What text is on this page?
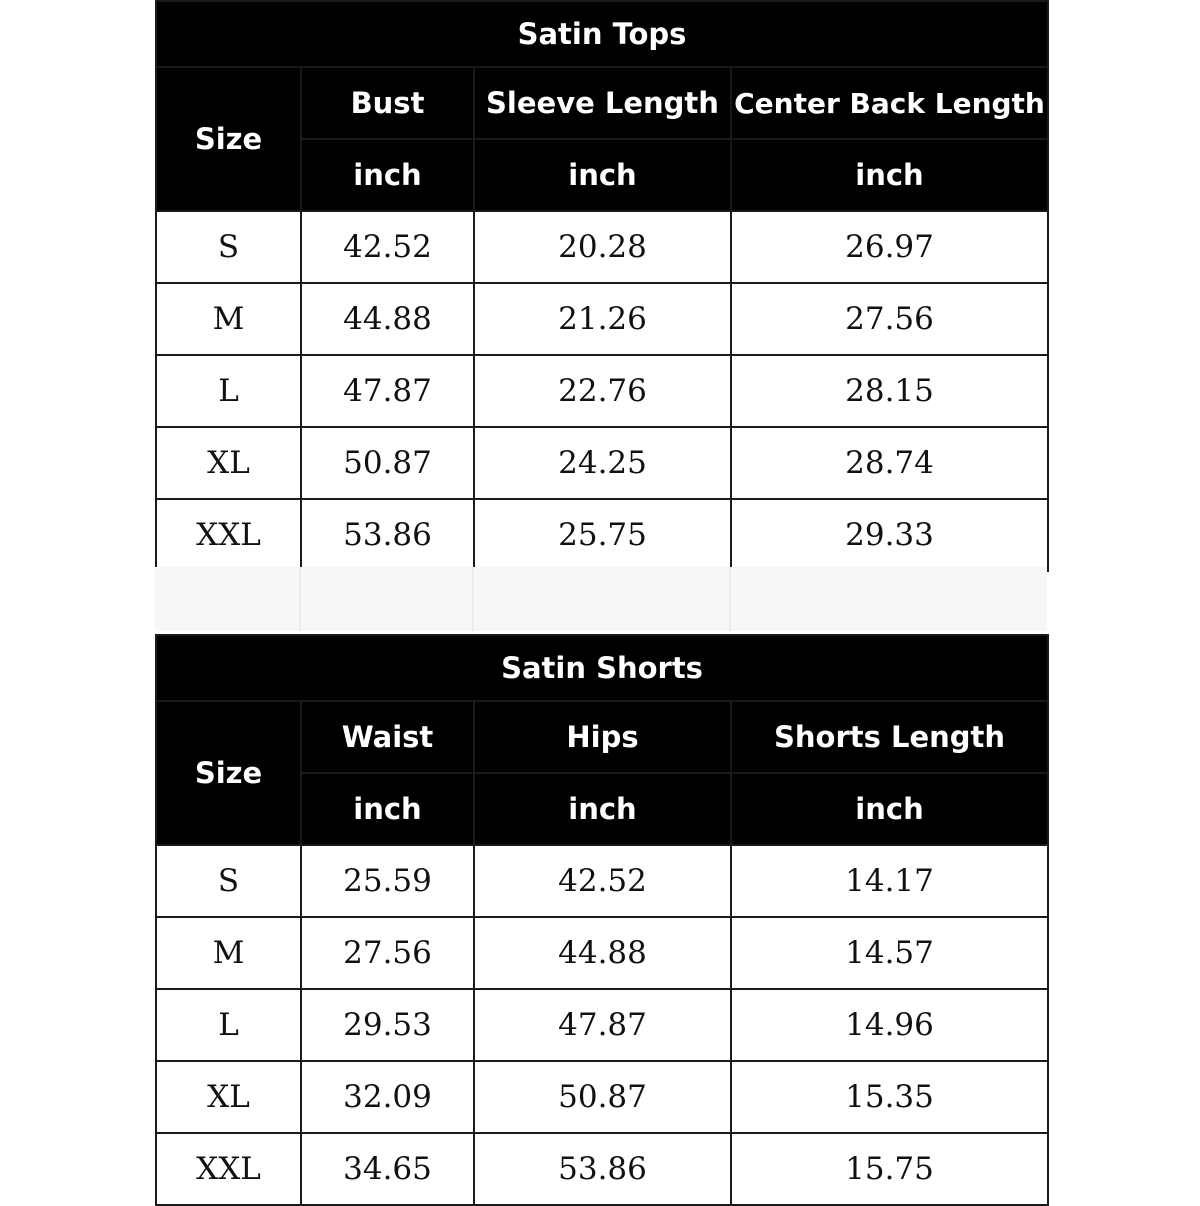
Satin Tops			
Size	Bust	Sleeve Length	Center Back Length
	inch	inch	inch
S	42.52	20.28	26.97
M	44.88	21.26	27.56
L	47.87	22.76	28.15
XL	50.87	24.25	28.74
XXL	53.86	25.75	29.33
Satin Shorts			
Size	Waist	Hips	Shorts Length
	inch	inch	inch
S	25.59	42.52	14.17
M	27.56	44.88	14.57
L	29.53	47.87	14.96
XL	32.09	50.87	15.35
XXL	34.65	53.86	15.75
